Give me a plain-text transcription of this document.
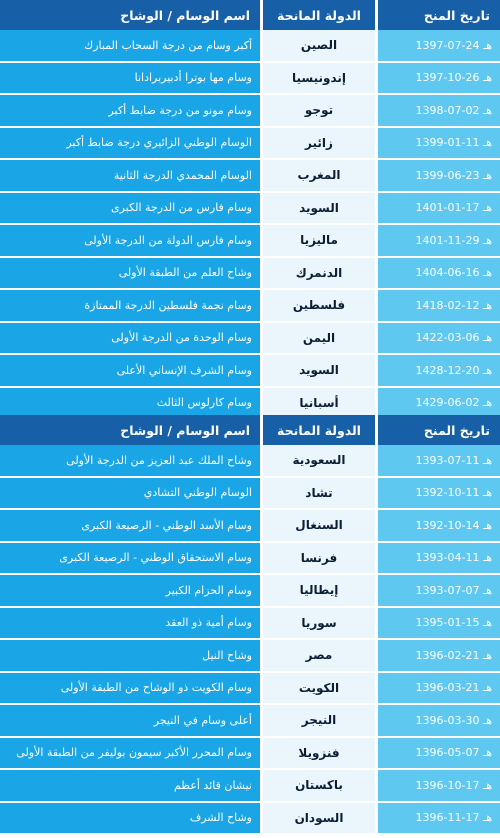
تاريخ المنح	الدولة المانحة	اسم الوسام / الوشاح
1397-07-24 هـ	الصين	أكبر وسام من درجة السحاب المبارك
1397-10-26 هـ	إندونيسيا	وسام مها بوترا أدبيربرادانا
1398-07-02 هـ	توجو	وسام مونو من درجة ضابط أكبر
1399-01-11 هـ	زائير	الوسام الوطني الزائيري درجة ضابط أكبر
1399-06-23 هـ	المغرب	الوسام المحمدي الدرجة الثانية
1401-01-17 هـ	السويد	وسام فارس من الدرجة الكبرى
1401-11-29 هـ	ماليزيا	وسام فارس الدولة من الدرجة الأولى
1404-06-16 هـ	الدنمرك	وشاح العلم من الطبقة الأولى
1418-02-12 هـ	فلسطين	وسام نجمة فلسطين الدرجة الممتازة
1422-03-06 هـ	اليمن	وسام الوحدة من الدرجة الأولى
1428-12-20 هـ	السويد	وسام الشرف الإنساني الأعلى
1429-06-02 هـ	أسبانيا	وسام كارلوس الثالث
تاريخ المنح	الدولة المانحة	اسم الوسام / الوشاح
1393-07-11 هـ	السعودية	وشاح الملك عبد العزيز من الدرجة الأولى
1392-10-11 هـ	تشاد	الوسام الوطني التشادي
1392-10-14 هـ	السنغال	وسام الأسد الوطني - الرصيعة الكبرى
1393-04-11 هـ	فرنسا	وسام الاستحقاق الوطني - الرصيعة الكبرى
1393-07-07 هـ	إيطاليا	وسام الحزام الكبير
1395-01-15 هـ	سوريا	وسام أمية ذو العقد
1396-02-21 هـ	مصر	وشاح النيل
1396-03-21 هـ	الكويت	وسام الكويت ذو الوشاح من الطبقة الأولى
1396-03-30 هـ	النيجر	أعلى وسام في النيجر
1396-05-07 هـ	فنزويلا	وسام المحرر الأكبر سيمون بوليفر من الطبقة الأولى
1396-10-17 هـ	باكستان	نيشان قائد أعظم
1396-11-17 هـ	السودان	وشاح الشرف
